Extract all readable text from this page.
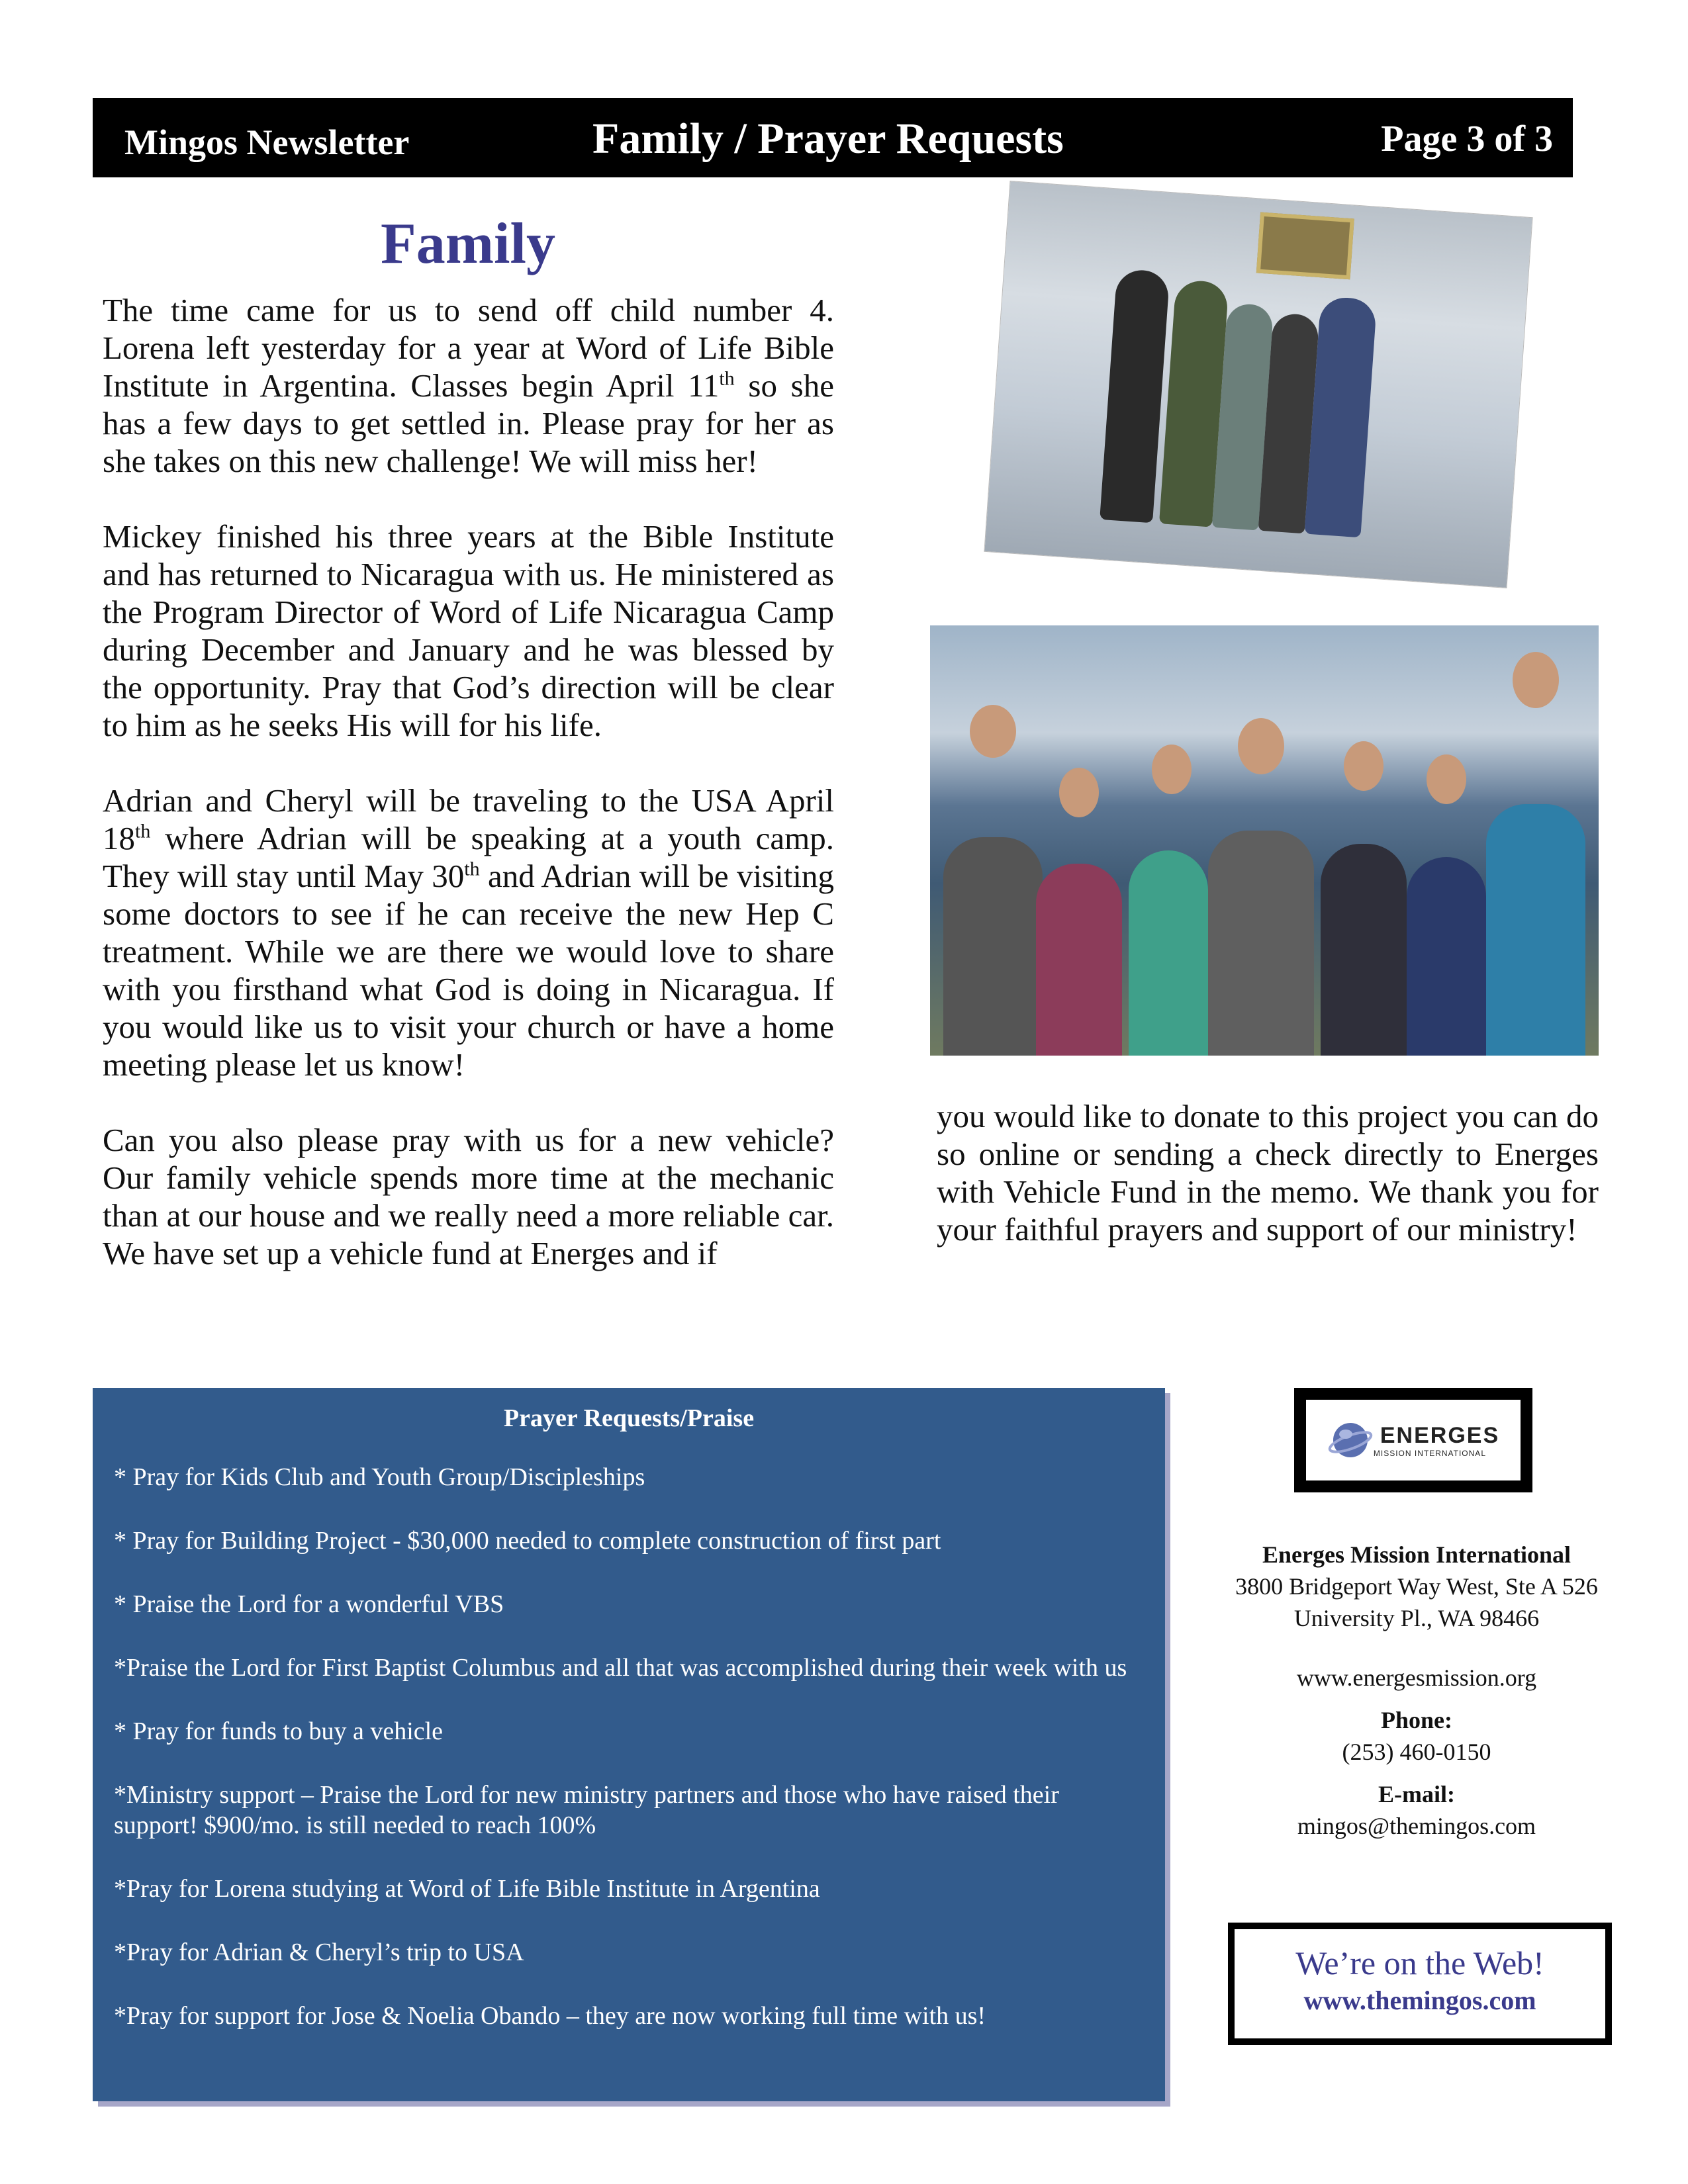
Mingos Newsletter	Family / Prayer Requests	Page 3 of 3
Family

The time came for us to send off child number 4. Lorena left yesterday for a year at Word of Life Bible Institute in Argentina. Classes begin April 11th so she has a few days to get settled in. Please pray for her as she takes on this new challenge! We will miss her!

Mickey finished his three years at the Bible Institute and has returned to Nicaragua with us. He ministered as the Program Director of Word of Life Nicaragua Camp during December and January and he was blessed by the opportunity. Pray that God’s direction will be clear to him as he seeks His will for his life.

Adrian and Cheryl will be traveling to the USA April 18th where Adrian will be speaking at a youth camp. They will stay until May 30th and Adrian will be visiting some doctors to see if he can receive the new Hep C treatment. While we are there we would love to share with you firsthand what God is doing in Nicaragua. If you would like us to visit your church or have a home meeting please let us know!

Can you also please pray with us for a new vehicle? Our family vehicle spends more time at the mechanic than at our house and we really need a more reliable car. We have set up a vehicle fund at Energes and if

you would like to donate to this project you can do so online or sending a check directly to Energes with Vehicle Fund in the memo. We thank you for your faithful prayers and support of our ministry!

Prayer Requests/Praise
* Pray for Kids Club and Youth Group/Discipleships
* Pray for Building Project - $30,000 needed to complete construction of first part
* Praise the Lord for a wonderful VBS
*Praise the Lord for First Baptist Columbus and all that was accomplished during their week with us
* Pray for funds to buy a vehicle
*Ministry support – Praise the Lord for new ministry partners and those who have raised their support! $900/mo. is still needed to reach 100%
*Pray for Lorena studying at Word of Life Bible Institute in Argentina
*Pray for Adrian & Cheryl’s trip to USA
*Pray for support for Jose & Noelia Obando – they are now working full time with us!
ENERGES
MISSION INTERNATIONAL
Energes Mission International
3800 Bridgeport Way West, Ste A 526
University Pl., WA 98466
www.energesmission.org
Phone:
(253) 460-0150
E-mail:
mingos@themingos.com
We’re on the Web!
www.themingos.com
